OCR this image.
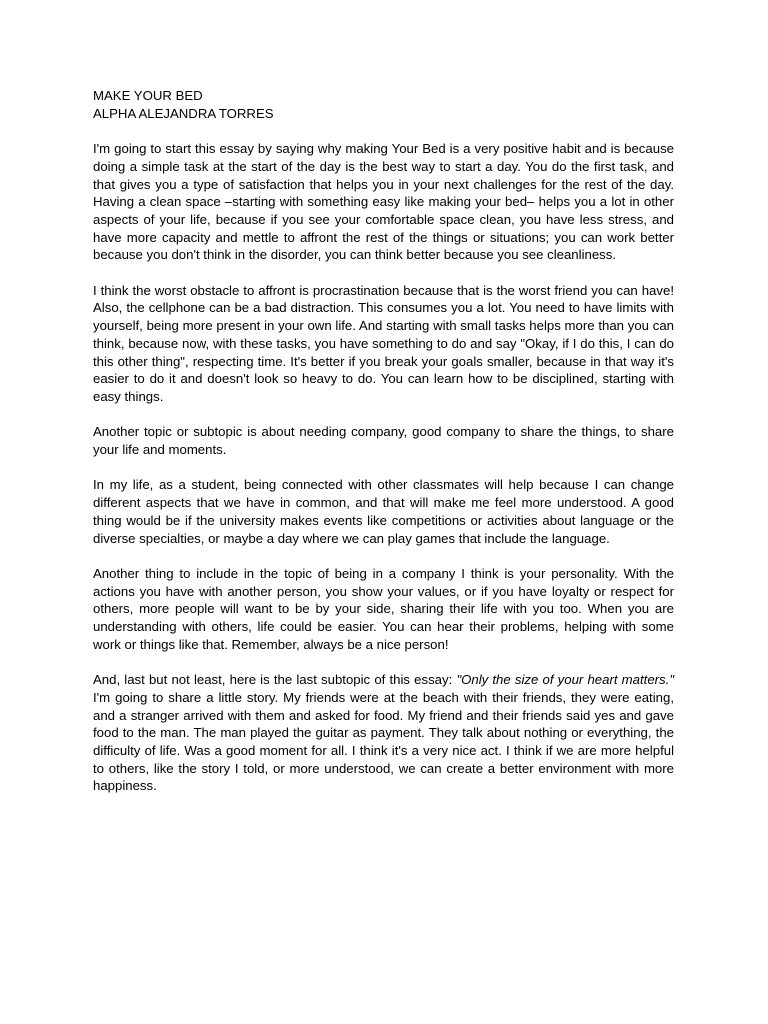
MAKE YOUR BED

ALPHA ALEJANDRA TORRES

I'm going to start this essay by saying why making Your Bed is a very positive habit and is because doing a simple task at the start of the day is the best way to start a day. You do the first task, and that gives you a type of satisfaction that helps you in your next challenges for the rest of the day. Having a clean space –starting with something easy like making your bed– helps you a lot in other aspects of your life, because if you see your comfortable space clean, you have less stress, and have more capacity and mettle to affront the rest of the things or situations; you can work better because you don't think in the disorder, you can think better because you see cleanliness.

I think the worst obstacle to affront is procrastination because that is the worst friend you can have! Also, the cellphone can be a bad distraction. This consumes you a lot. You need to have limits with yourself, being more present in your own life. And starting with small tasks helps more than you can think, because now, with these tasks, you have something to do and say "Okay, if I do this, I can do this other thing", respecting time. It's better if you break your goals smaller, because in that way it's easier to do it and doesn't look so heavy to do. You can learn how to be disciplined, starting with easy things.

Another topic or subtopic is about needing company, good company to share the things, to share your life and moments.

In my life, as a student, being connected with other classmates will help because I can change different aspects that we have in common, and that will make me feel more understood. A good thing would be if the university makes events like competitions or activities about language or the diverse specialties, or maybe a day where we can play games that include the language.

Another thing to include in the topic of being in a company I think is your personality. With the actions you have with another person, you show your values, or if you have loyalty or respect for others, more people will want to be by your side, sharing their life with you too. When you are understanding with others, life could be easier. You can hear their problems, helping with some work or things like that. Remember, always be a nice person!

And, last but not least, here is the last subtopic of this essay: "Only the size of your heart matters." I'm going to share a little story. My friends were at the beach with their friends, they were eating, and a stranger arrived with them and asked for food. My friend and their friends said yes and gave food to the man. The man played the guitar as payment. They talk about nothing or everything, the difficulty of life. Was a good moment for all. I think it's a very nice act. I think if we are more helpful to others, like the story I told, or more understood, we can create a better environment with more happiness.
